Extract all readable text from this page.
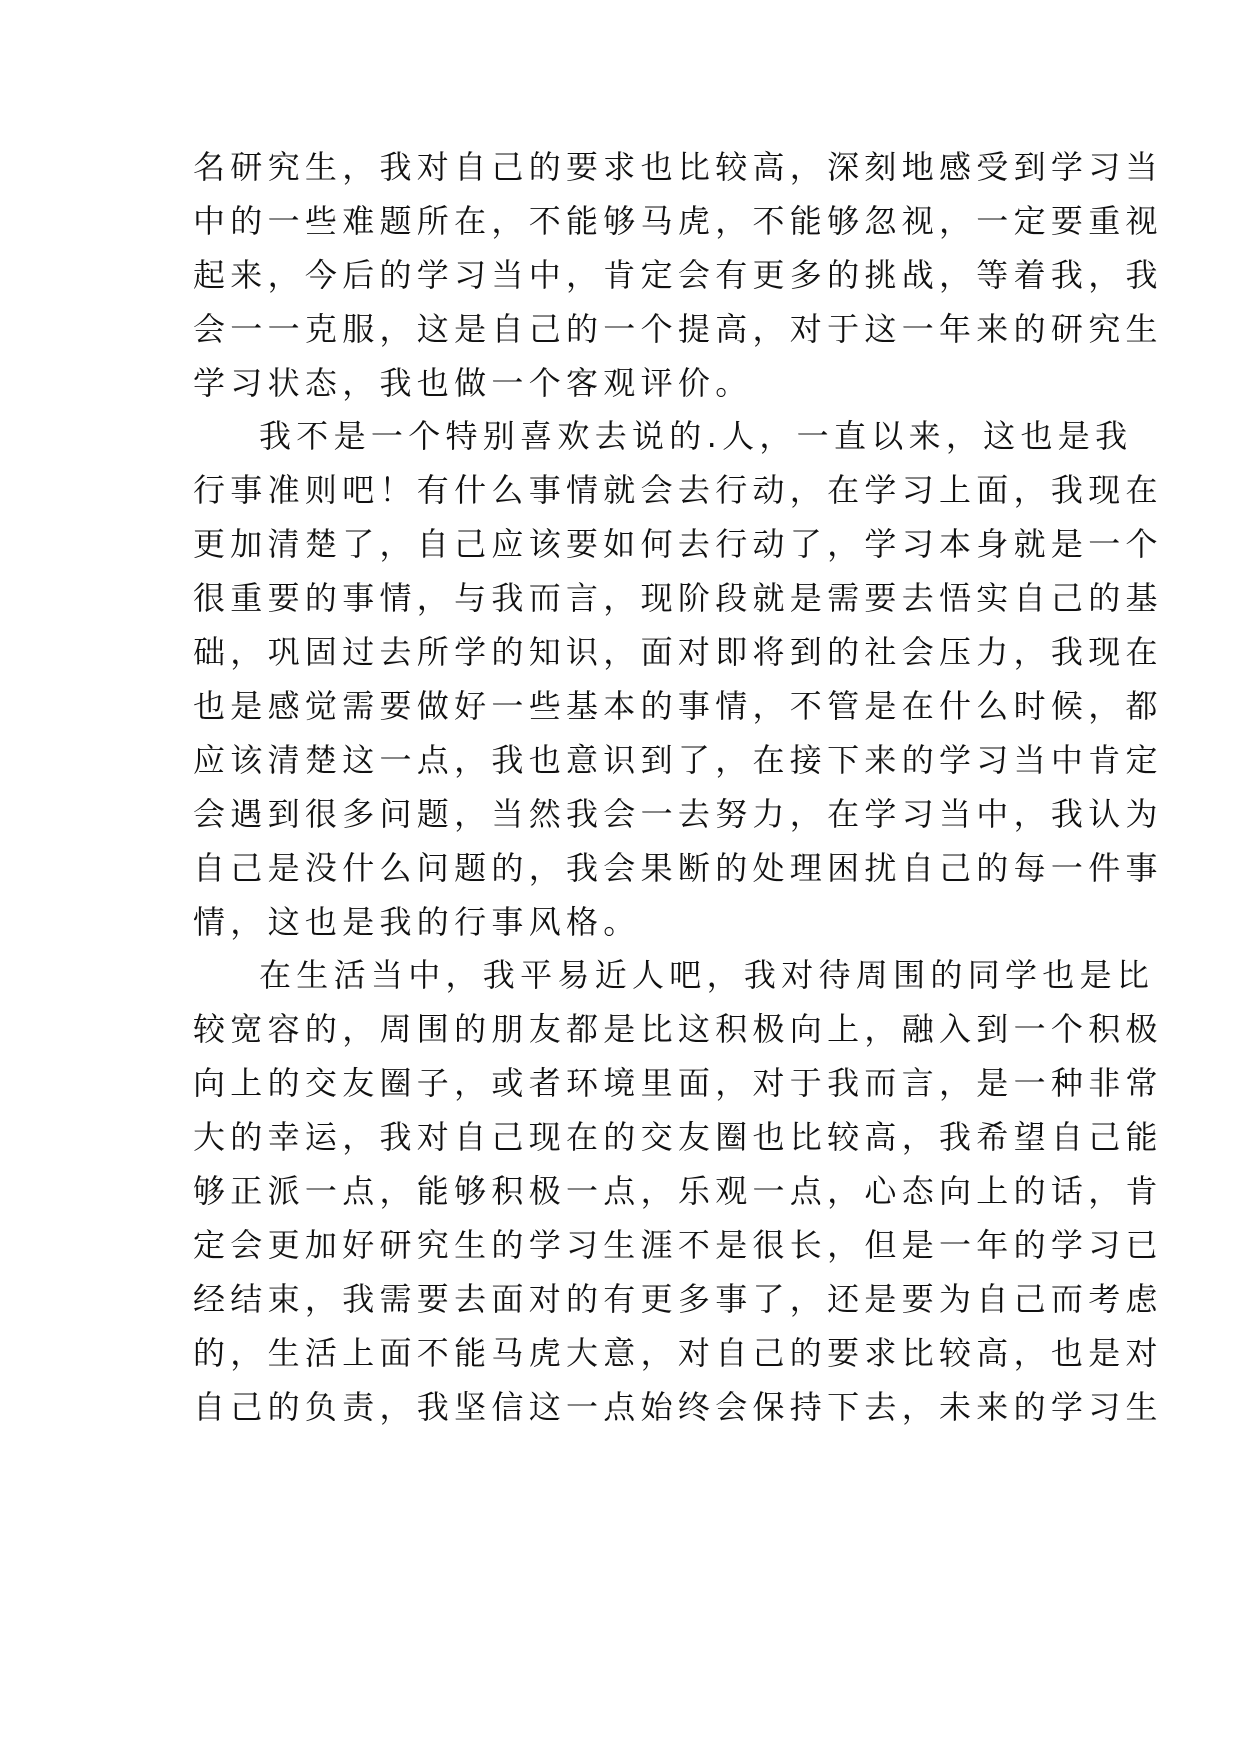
名研究生，我对自己的要求也比较高，深刻地感受到学习当
中的一些难题所在，不能够马虎，不能够忽视，一定要重视
起来，今后的学习当中，肯定会有更多的挑战，等着我，我
会一一克服，这是自己的一个提高，对于这一年来的研究生
学习状态，我也做一个客观评价。
我不是一个特别喜欢去说的.人，一直以来，这也是我
行事准则吧！有什么事情就会去行动，在学习上面，我现在
更加清楚了，自己应该要如何去行动了，学习本身就是一个
很重要的事情，与我而言，现阶段就是需要去悟实自己的基
础，巩固过去所学的知识，面对即将到的社会压力，我现在
也是感觉需要做好一些基本的事情，不管是在什么时候，都
应该清楚这一点，我也意识到了，在接下来的学习当中肯定
会遇到很多问题，当然我会一去努力，在学习当中，我认为
自己是没什么问题的，我会果断的处理困扰自己的每一件事
情，这也是我的行事风格。
在生活当中，我平易近人吧，我对待周围的同学也是比
较宽容的，周围的朋友都是比这积极向上，融入到一个积极
向上的交友圈子，或者环境里面，对于我而言，是一种非常
大的幸运，我对自己现在的交友圈也比较高，我希望自己能
够正派一点，能够积极一点，乐观一点，心态向上的话，肯
定会更加好研究生的学习生涯不是很长，但是一年的学习已
经结束，我需要去面对的有更多事了，还是要为自己而考虑
的，生活上面不能马虎大意，对自己的要求比较高，也是对
自己的负责，我坚信这一点始终会保持下去，未来的学习生
